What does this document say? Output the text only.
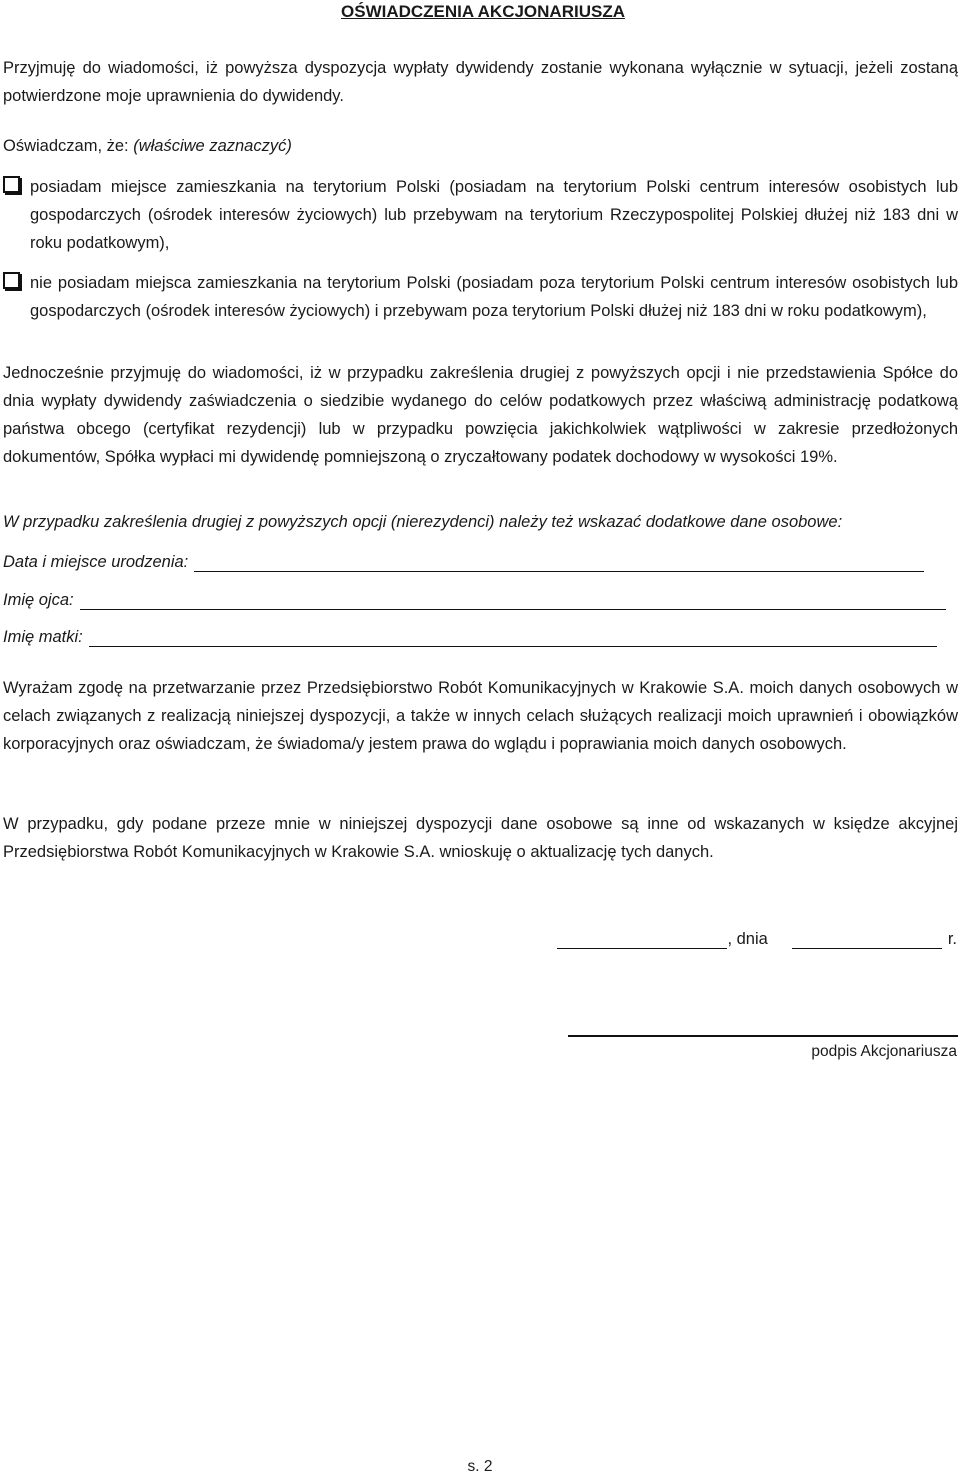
OŚWIADCZENIA AKCJONARIUSZA
Przyjmuję do wiadomości, iż powyższa dyspozycja wypłaty dywidendy zostanie wykonana wyłącznie w sytuacji, jeżeli zostaną potwierdzone moje uprawnienia do dywidendy.
Oświadczam, że: (właściwe zaznaczyć)
posiadam miejsce zamieszkania na terytorium Polski (posiadam na terytorium Polski centrum interesów osobistych lub gospodarczych (ośrodek interesów życiowych) lub przebywam na terytorium Rzeczypospolitej Polskiej dłużej niż 183 dni w roku podatkowym),
nie posiadam miejsca zamieszkania na terytorium Polski (posiadam poza terytorium Polski centrum interesów osobistych lub gospodarczych (ośrodek interesów życiowych) i przebywam poza terytorium Polski dłużej niż 183 dni w roku podatkowym),
Jednocześnie przyjmuję do wiadomości, iż w przypadku zakreślenia drugiej z powyższych opcji i nie przedstawienia Spółce do dnia wypłaty dywidendy zaświadczenia o siedzibie wydanego do celów podatkowych przez właściwą administrację podatkową państwa obcego (certyfikat rezydencji) lub w przypadku powzięcia jakichkolwiek wątpliwości w zakresie przedłożonych dokumentów, Spółka wypłaci mi dywidendę pomniejszoną o zryczałtowany podatek dochodowy w wysokości 19%.
W przypadku zakreślenia drugiej z powyższych opcji (nierezydenci) należy też wskazać dodatkowe dane osobowe:
Data i miejsce urodzenia:
Imię ojca:
Imię matki:
Wyrażam zgodę na przetwarzanie przez Przedsiębiorstwo Robót Komunikacyjnych w Krakowie S.A. moich danych osobowych w celach związanych z realizacją niniejszej dyspozycji, a także w innych celach służących realizacji moich uprawnień i obowiązków korporacyjnych oraz oświadczam, że świadoma/y jestem prawa do wglądu i poprawiania moich danych osobowych.
W przypadku, gdy podane przeze mnie w niniejszej dyspozycji dane osobowe są inne od wskazanych w księdze akcyjnej Przedsiębiorstwa Robót Komunikacyjnych w Krakowie S.A. wnioskuję o aktualizację tych danych.
, dnia	r.
podpis Akcjonariusza
s. 2
